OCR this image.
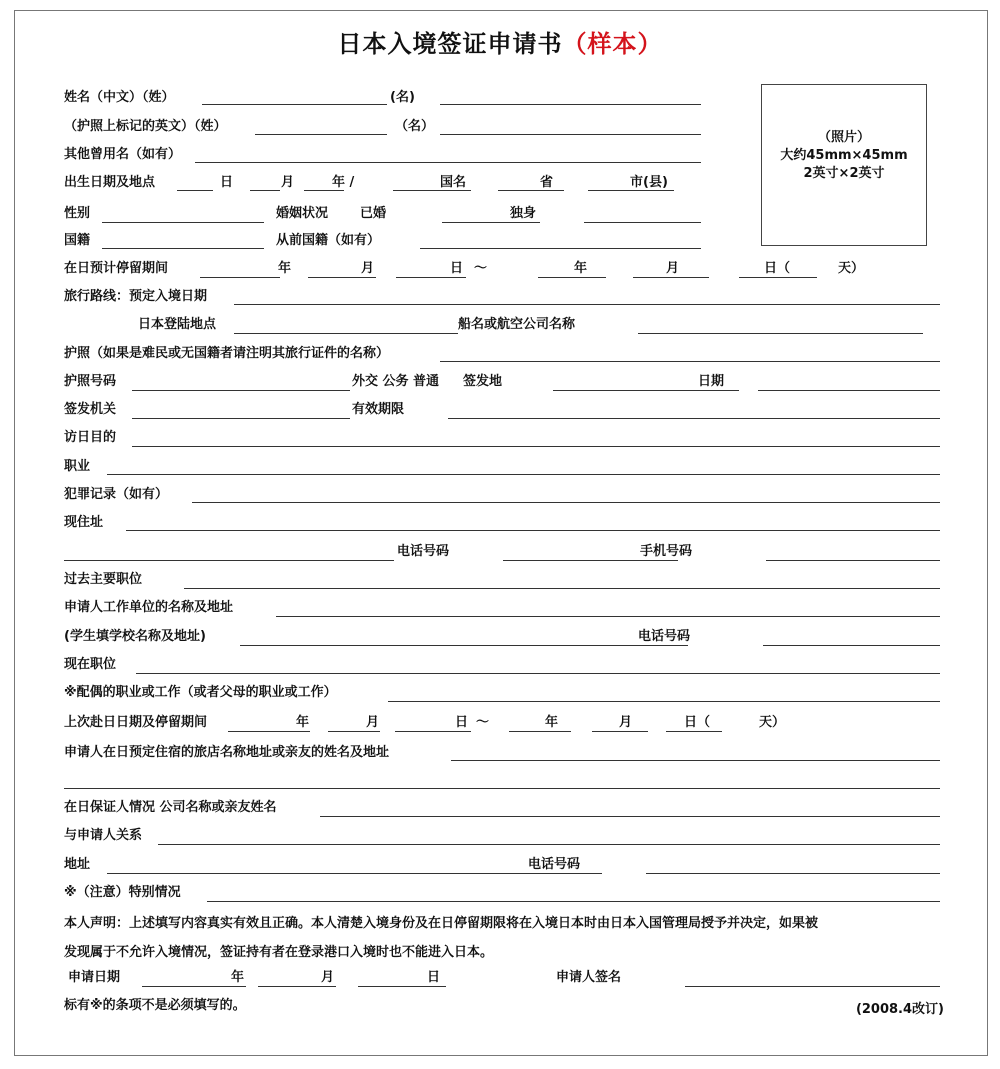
日本入境签证申请书（样本）
（照片）
大约45mm×45mm
2英寸×2英寸
姓名（中文）（姓）	(名)
（护照上标记的英文）（姓）	（名）
其他曾用名（如有）
出生日期及地点	日	月	年 /	国名	省	市(县)
性别	婚姻状况 已婚	独身
国籍	从前国籍（如有）
在日预计停留期间	年	月	日 〜	年	月	日（	天）
旅行路线：预定入境日期
日本登陆地点	船名或航空公司名称
护照（如果是难民或无国籍者请注明其旅行证件的名称）
护照号码	外交 公务 普通 签发地	日期
签发机关	有效期限
访日目的
职业
犯罪记录（如有）
现住址
电话号码	手机号码
过去主要职位
申请人工作单位的名称及地址
(学生填学校名称及地址)	电话号码
现在职位
※配偶的职业或工作（或者父母的职业或工作）
上次赴日日期及停留期间	年	月	日 〜	年	月	日（	天）
申请人在日预定住宿的旅店名称地址或亲友的姓名及地址
在日保证人情况 公司名称或亲友姓名
与申请人关系
地址	电话号码
※（注意）特别情况
本人声明：上述填写内容真实有效且正确。本人清楚入境身份及在日停留期限将在入境日本时由日本入国管理局授予并决定，如果被
发现属于不允许入境情况，签证持有者在登录港口入境时也不能进入日本。
申请日期	年	月	日	申请人签名
标有※的条项不是必须填写的。	(2008.4改订)
